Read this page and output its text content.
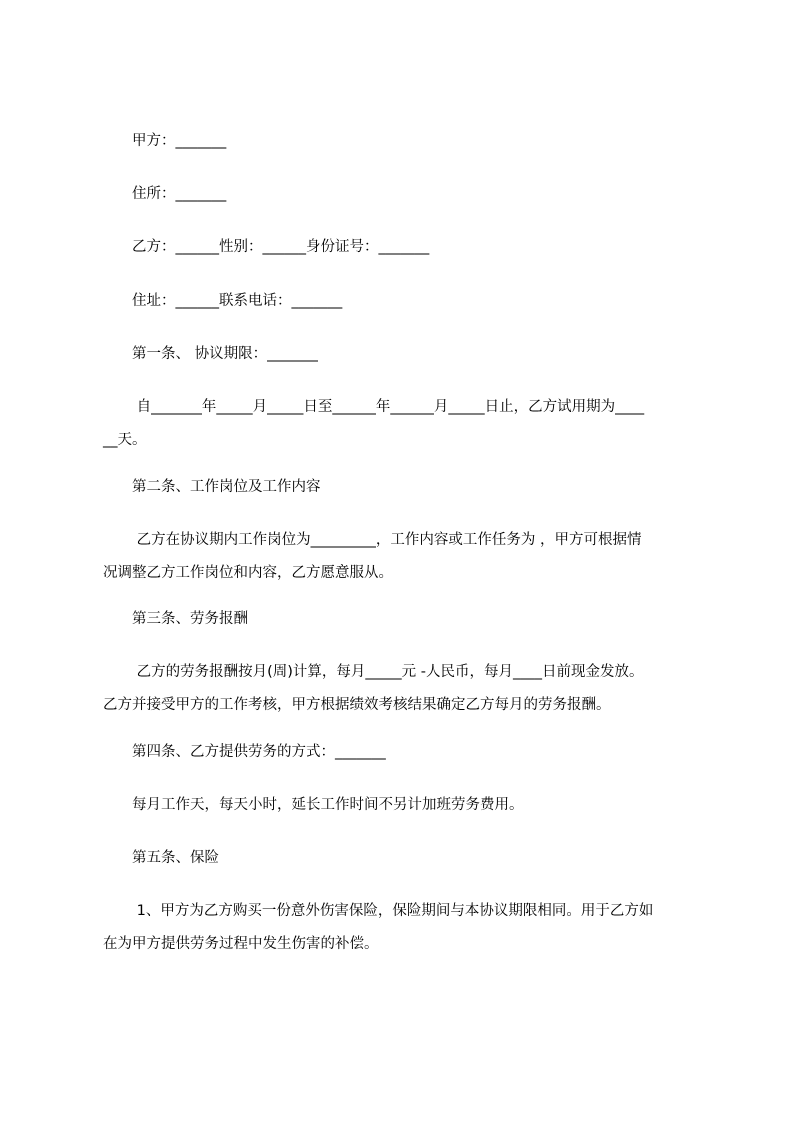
　　甲方：_______
　　住所：_______
　　乙方：______性别：______身份证号：_______
　　住址：______联系电话：_______
　　第一条、 协议期限：_______
　　 自_______年_____月_____日至______年______月_____日止，乙方试用期为____
__天。
　　第二条、工作岗位及工作内容
　　 乙方在协议期内工作岗位为_________，工作内容或工作任务为 ，甲方可根据情
况调整乙方工作岗位和内容，乙方愿意服从。
　　第三条、劳务报酬
　　 乙方的劳务报酬按月(周)计算，每月_____元 -人民币，每月____日前现金发放。
乙方并接受甲方的工作考核，甲方根据绩效考核结果确定乙方每月的劳务报酬。
　　第四条、乙方提供劳务的方式：_______
　　每月工作天，每天小时，延长工作时间不另计加班劳务费用。
　　第五条、保险
　　 1、甲方为乙方购买一份意外伤害保险，保险期间与本协议期限相同。用于乙方如
在为甲方提供劳务过程中发生伤害的补偿。
